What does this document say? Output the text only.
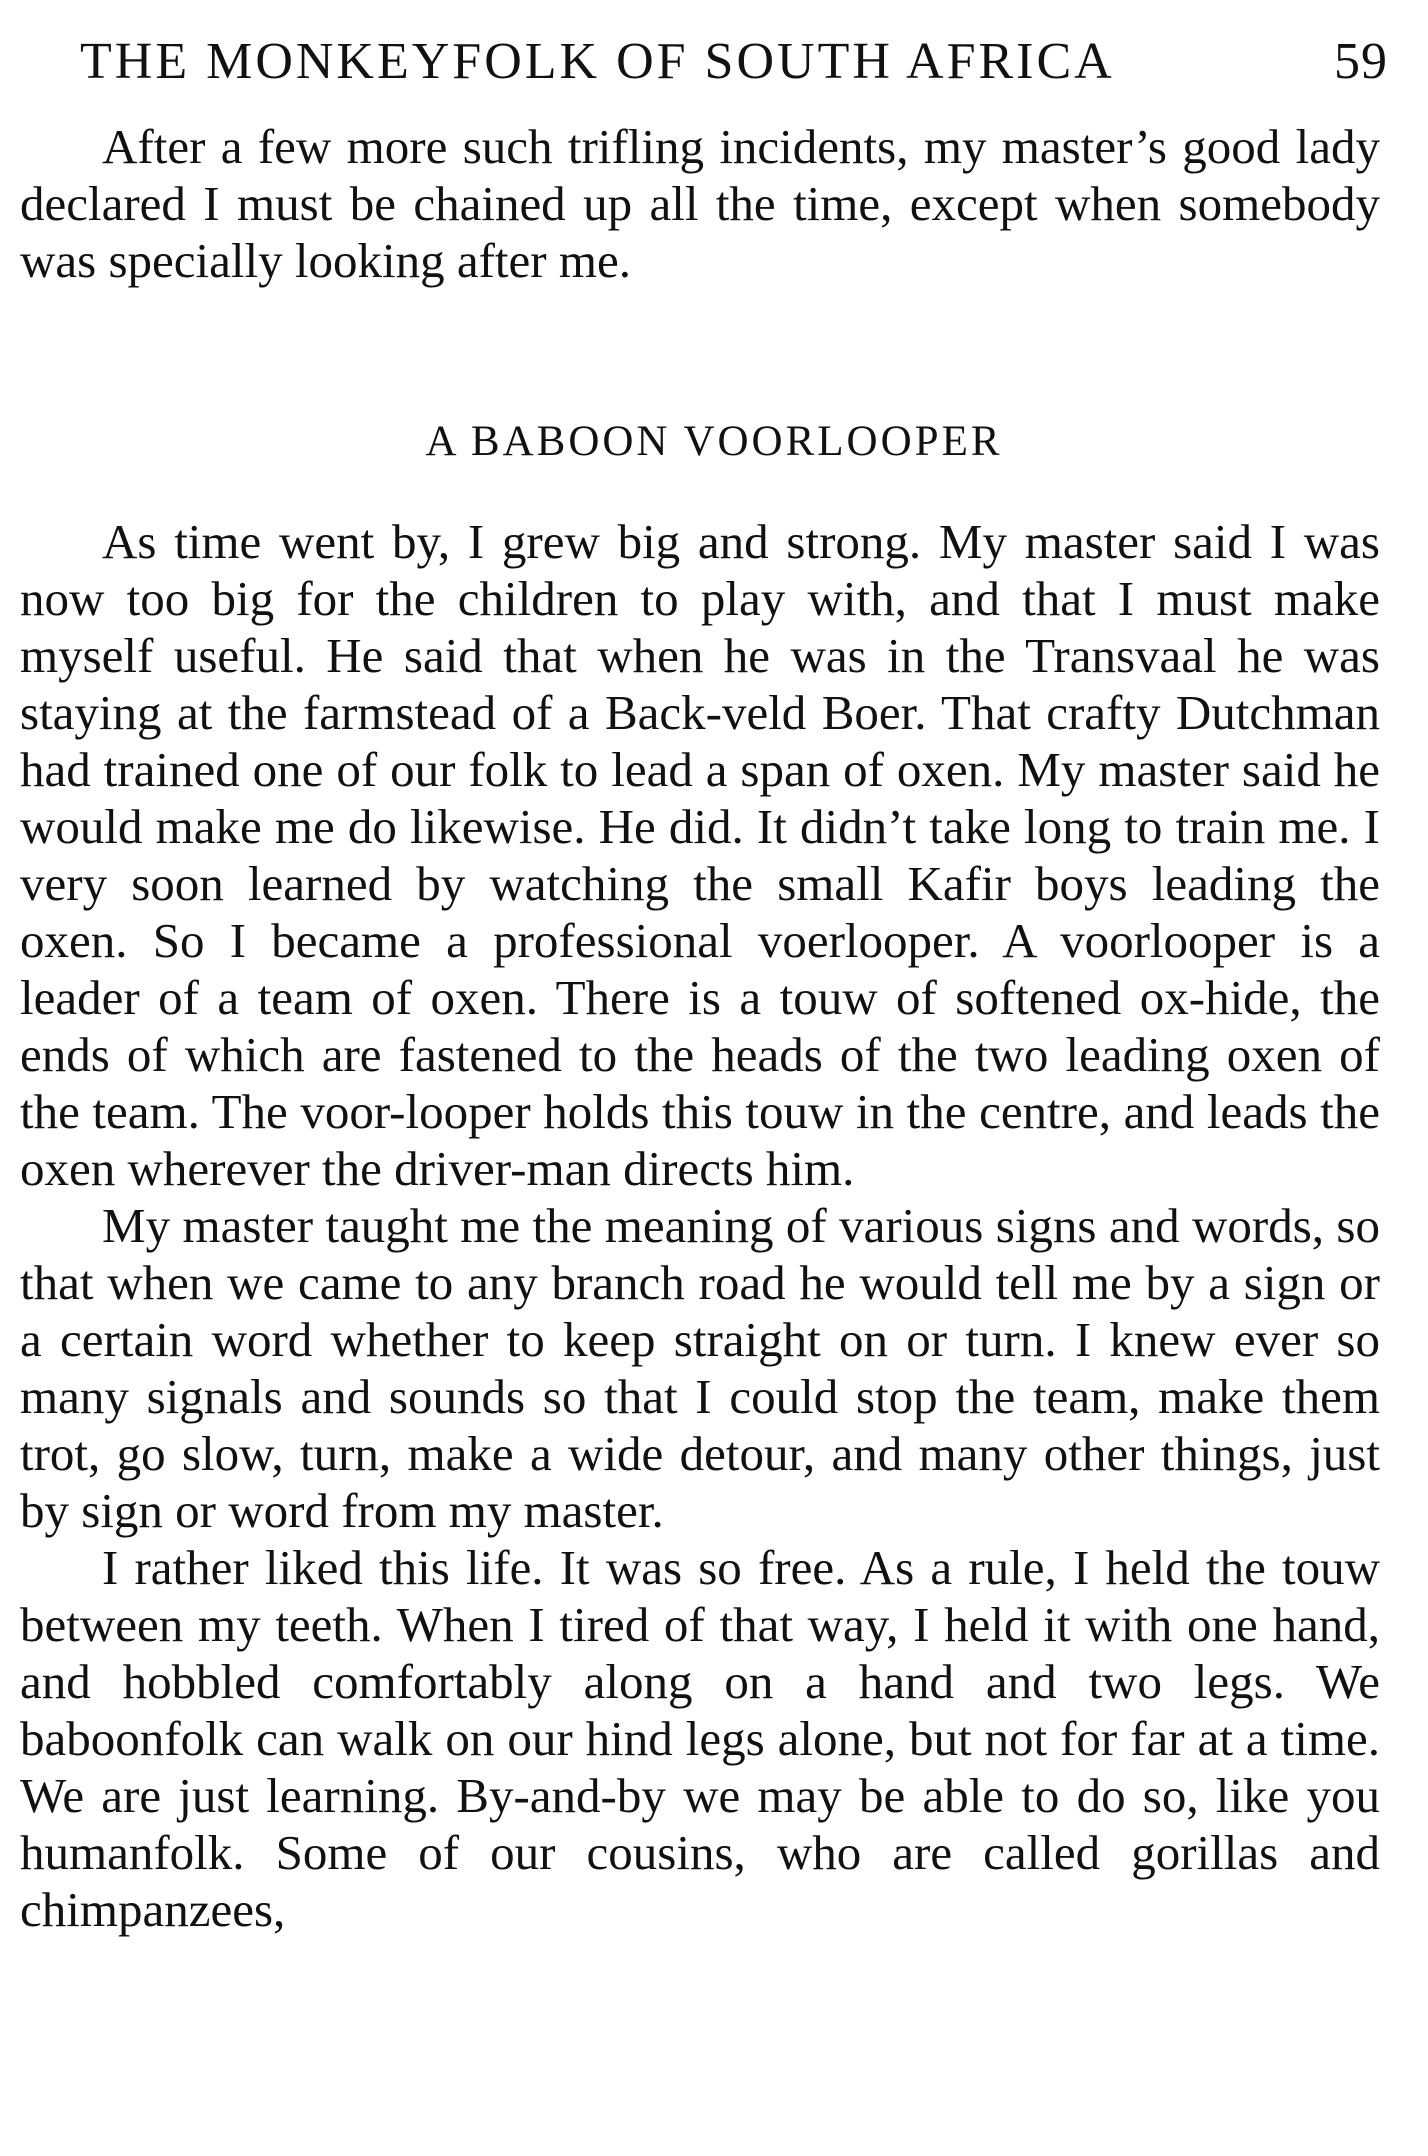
THE MONKEYFOLK OF SOUTH AFRICA	59

After a few more such trifling incidents, my master’s good lady declared I must be chained up all the time, except when somebody was specially looking after me.

A BABOON VOORLOOPER

As time went by, I grew big and strong. My master said I was now too big for the children to play with, and that I must make myself useful. He said that when he was in the Transvaal he was staying at the farmstead of a Back-veld Boer. That crafty Dutchman had trained one of our folk to lead a span of oxen. My master said he would make me do likewise. He did. It didn’t take long to train me. I very soon learned by watching the small Kafir boys leading the oxen. So I became a professional voerlooper. A voorlooper is a leader of a team of oxen. There is a touw of softened ox-hide, the ends of which are fastened to the heads of the two leading oxen of the team. The voor-looper holds this touw in the centre, and leads the oxen wherever the driver-man directs him.

My master taught me the meaning of various signs and words, so that when we came to any branch road he would tell me by a sign or a certain word whether to keep straight on or turn. I knew ever so many signals and sounds so that I could stop the team, make them trot, go slow, turn, make a wide detour, and many other things, just by sign or word from my master.

I rather liked this life. It was so free. As a rule, I held the touw between my teeth. When I tired of that way, I held it with one hand, and hobbled comfortably along on a hand and two legs. We baboonfolk can walk on our hind legs alone, but not for far at a time. We are just learning. By-and-by we may be able to do so, like you humanfolk. Some of our cousins, who are called gorillas and chimpanzees,
